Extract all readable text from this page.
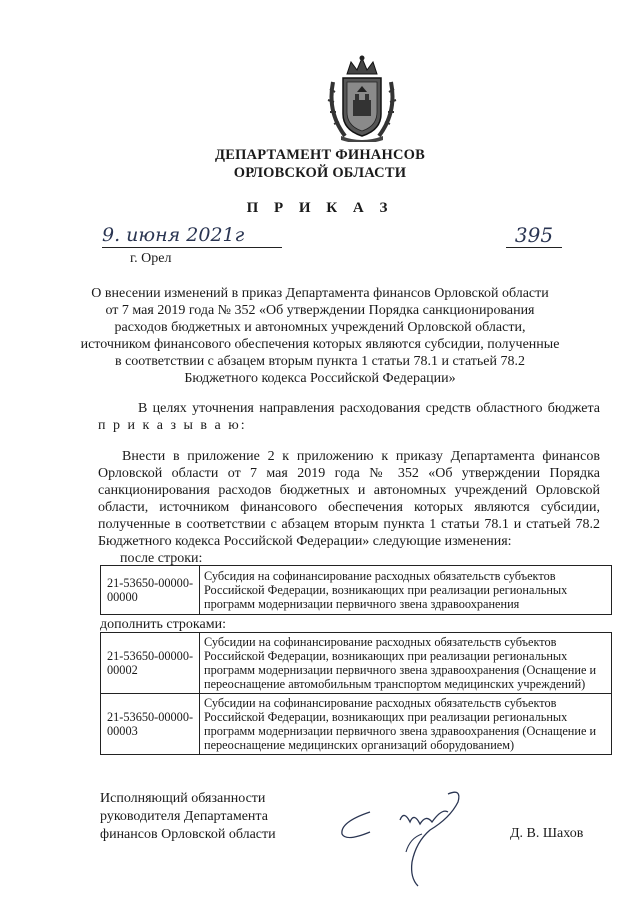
ДЕПАРТАМЕНТ ФИНАНСОВ
ОРЛОВСКОЙ ОБЛАСТИ
П Р И К А З
9. июня 2021г	395
г. Орел
О внесении изменений в приказ Департамента финансов Орловской области
от 7 мая 2019 года № 352 «Об утверждении Порядка санкционирования
расходов бюджетных и автономных учреждений Орловской области,
источником финансового обеспечения которых являются субсидии, полученные
в соответствии с абзацем вторым пункта 1 статьи 78.1 и статьей 78.2
Бюджетного кодекса Российской Федерации»
В целях уточнения направления расходования средств областного бюджета п р и к а з ы в а ю:
Внести в приложение 2 к приложению к приказу Департамента финансов Орловской области от 7 мая 2019 года № 352 «Об утверждении Порядка санкционирования расходов бюджетных и автономных учреждений Орловской области, источником финансового обеспечения которых являются субсидии, полученные в соответствии с абзацем вторым пункта 1 статьи 78.1 и статьей 78.2 Бюджетного кодекса Российской Федерации» следующие изменения:
после строки:
21-53650-00000-00000	Субсидия на софинансирование расходных обязательств субъектов Российской Федерации, возникающих при реализации региональных программ модернизации первичного звена здравоохранения
дополнить строками:
21-53650-00000-00002	Субсидии на софинансирование расходных обязательств субъектов Российской Федерации, возникающих при реализации региональных программ модернизации первичного звена здравоохранения (Оснащение и переоснащение автомобильным транспортом медицинских учреждений)
21-53650-00000-00003	Субсидии на софинансирование расходных обязательств субъектов Российской Федерации, возникающих при реализации региональных программ модернизации первичного звена здравоохранения (Оснащение и переоснащение медицинских организаций оборудованием)
Исполняющий обязанности
руководителя Департамента
финансов Орловской области	Д. В. Шахов
